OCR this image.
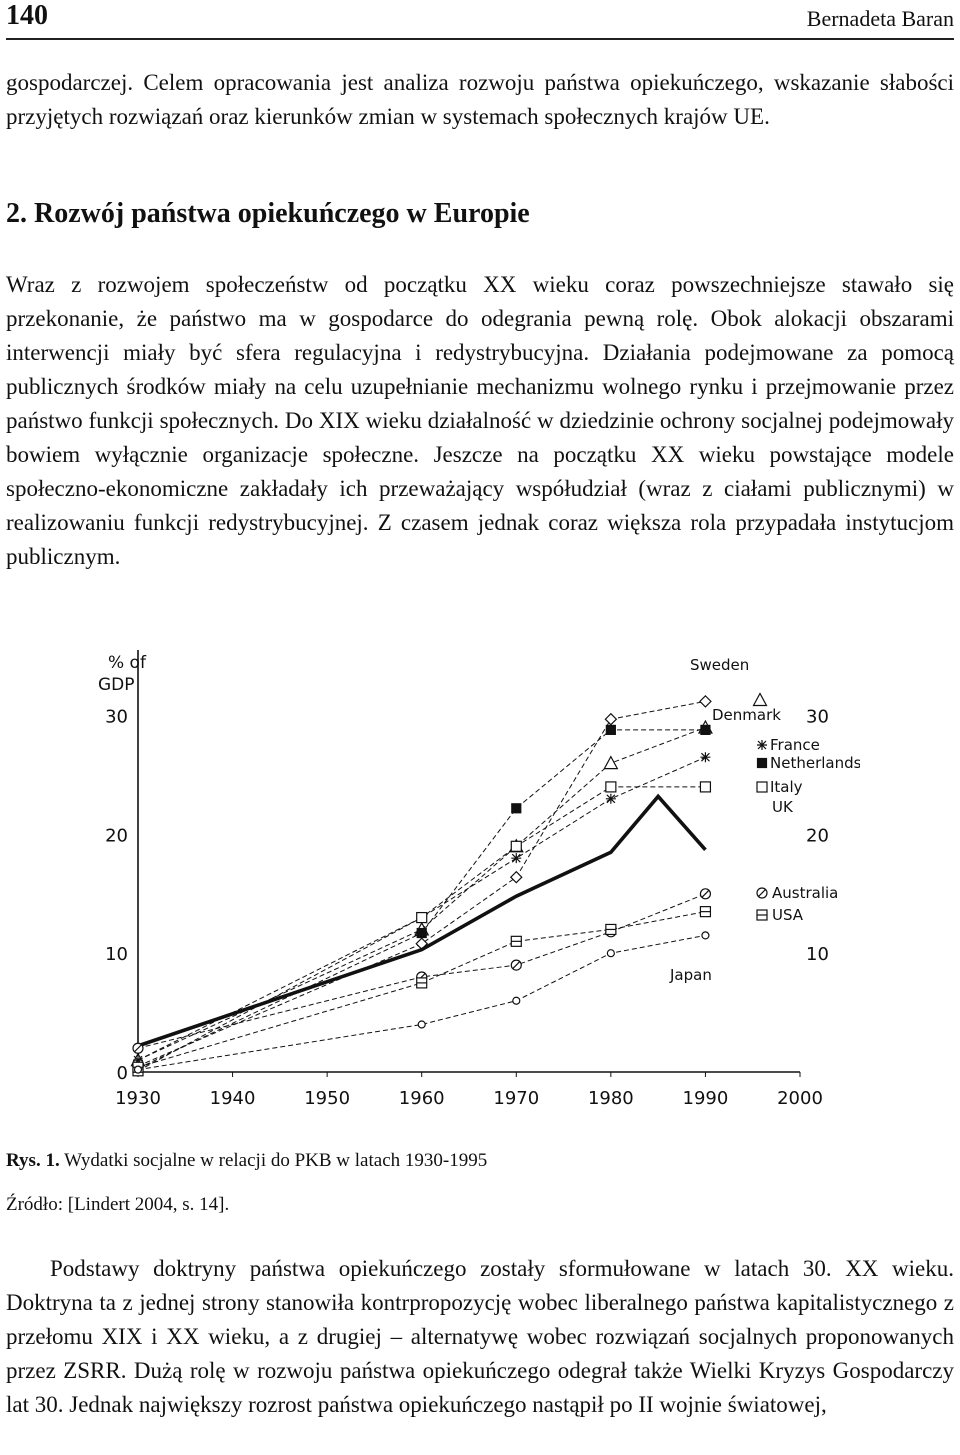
140	Bernadeta Baran

gospodarczej. Celem opracowania jest analiza rozwoju państwa opiekuńczego, wskazanie słabości przyjętych rozwiązań oraz kierunków zmian w systemach społecznych krajów UE.

2. Rozwój państwa opiekuńczego w Europie

Wraz z rozwojem społeczeństw od początku XX wieku coraz powszechniejsze stawało się przekonanie, że państwo ma w gospodarce do odegrania pewną rolę. Obok alokacji obszarami interwencji miały być sfera regulacyjna i redystrybucyjna. Działania podejmowane za pomocą publicznych środków miały na celu uzupełnianie mechanizmu wolnego rynku i przejmowanie przez państwo funkcji społecznych. Do XIX wieku działalność w dziedzinie ochrony socjalnej podejmowały bowiem wyłącznie organizacje społeczne. Jeszcze na początku XX wieku powstające modele społeczno-ekonomiczne zakładały ich przeważający współudział (wraz z ciałami publicznymi) w realizowaniu funkcji redystrybucyjnej. Z czasem jednak coraz większa rola przypadała instytucjom publicznym.

% of
GDP
0
10
20
30
10
20
30
1930	1940	1950	1960	1970	1980	1990	2000
Sweden
Denmark
France
Netherlands
Italy
UK
Australia
USA
Japan
Rys. 1. Wydatki socjalne w relacji do PKB w latach 1930-1995
Źródło: [Lindert 2004, s. 14].

Podstawy doktryny państwa opiekuńczego zostały sformułowane w latach 30. XX wieku. Doktryna ta z jednej strony stanowiła kontrpropozycję wobec liberalnego państwa kapitalistycznego z przełomu XIX i XX wieku, a z drugiej – alternatywę wobec rozwiązań socjalnych proponowanych przez ZSRR. Dużą rolę w rozwoju państwa opiekuńczego odegrał także Wielki Kryzys Gospodarczy lat 30. Jednak największy rozrost państwa opiekuńczego nastąpił po II wojnie światowej,
